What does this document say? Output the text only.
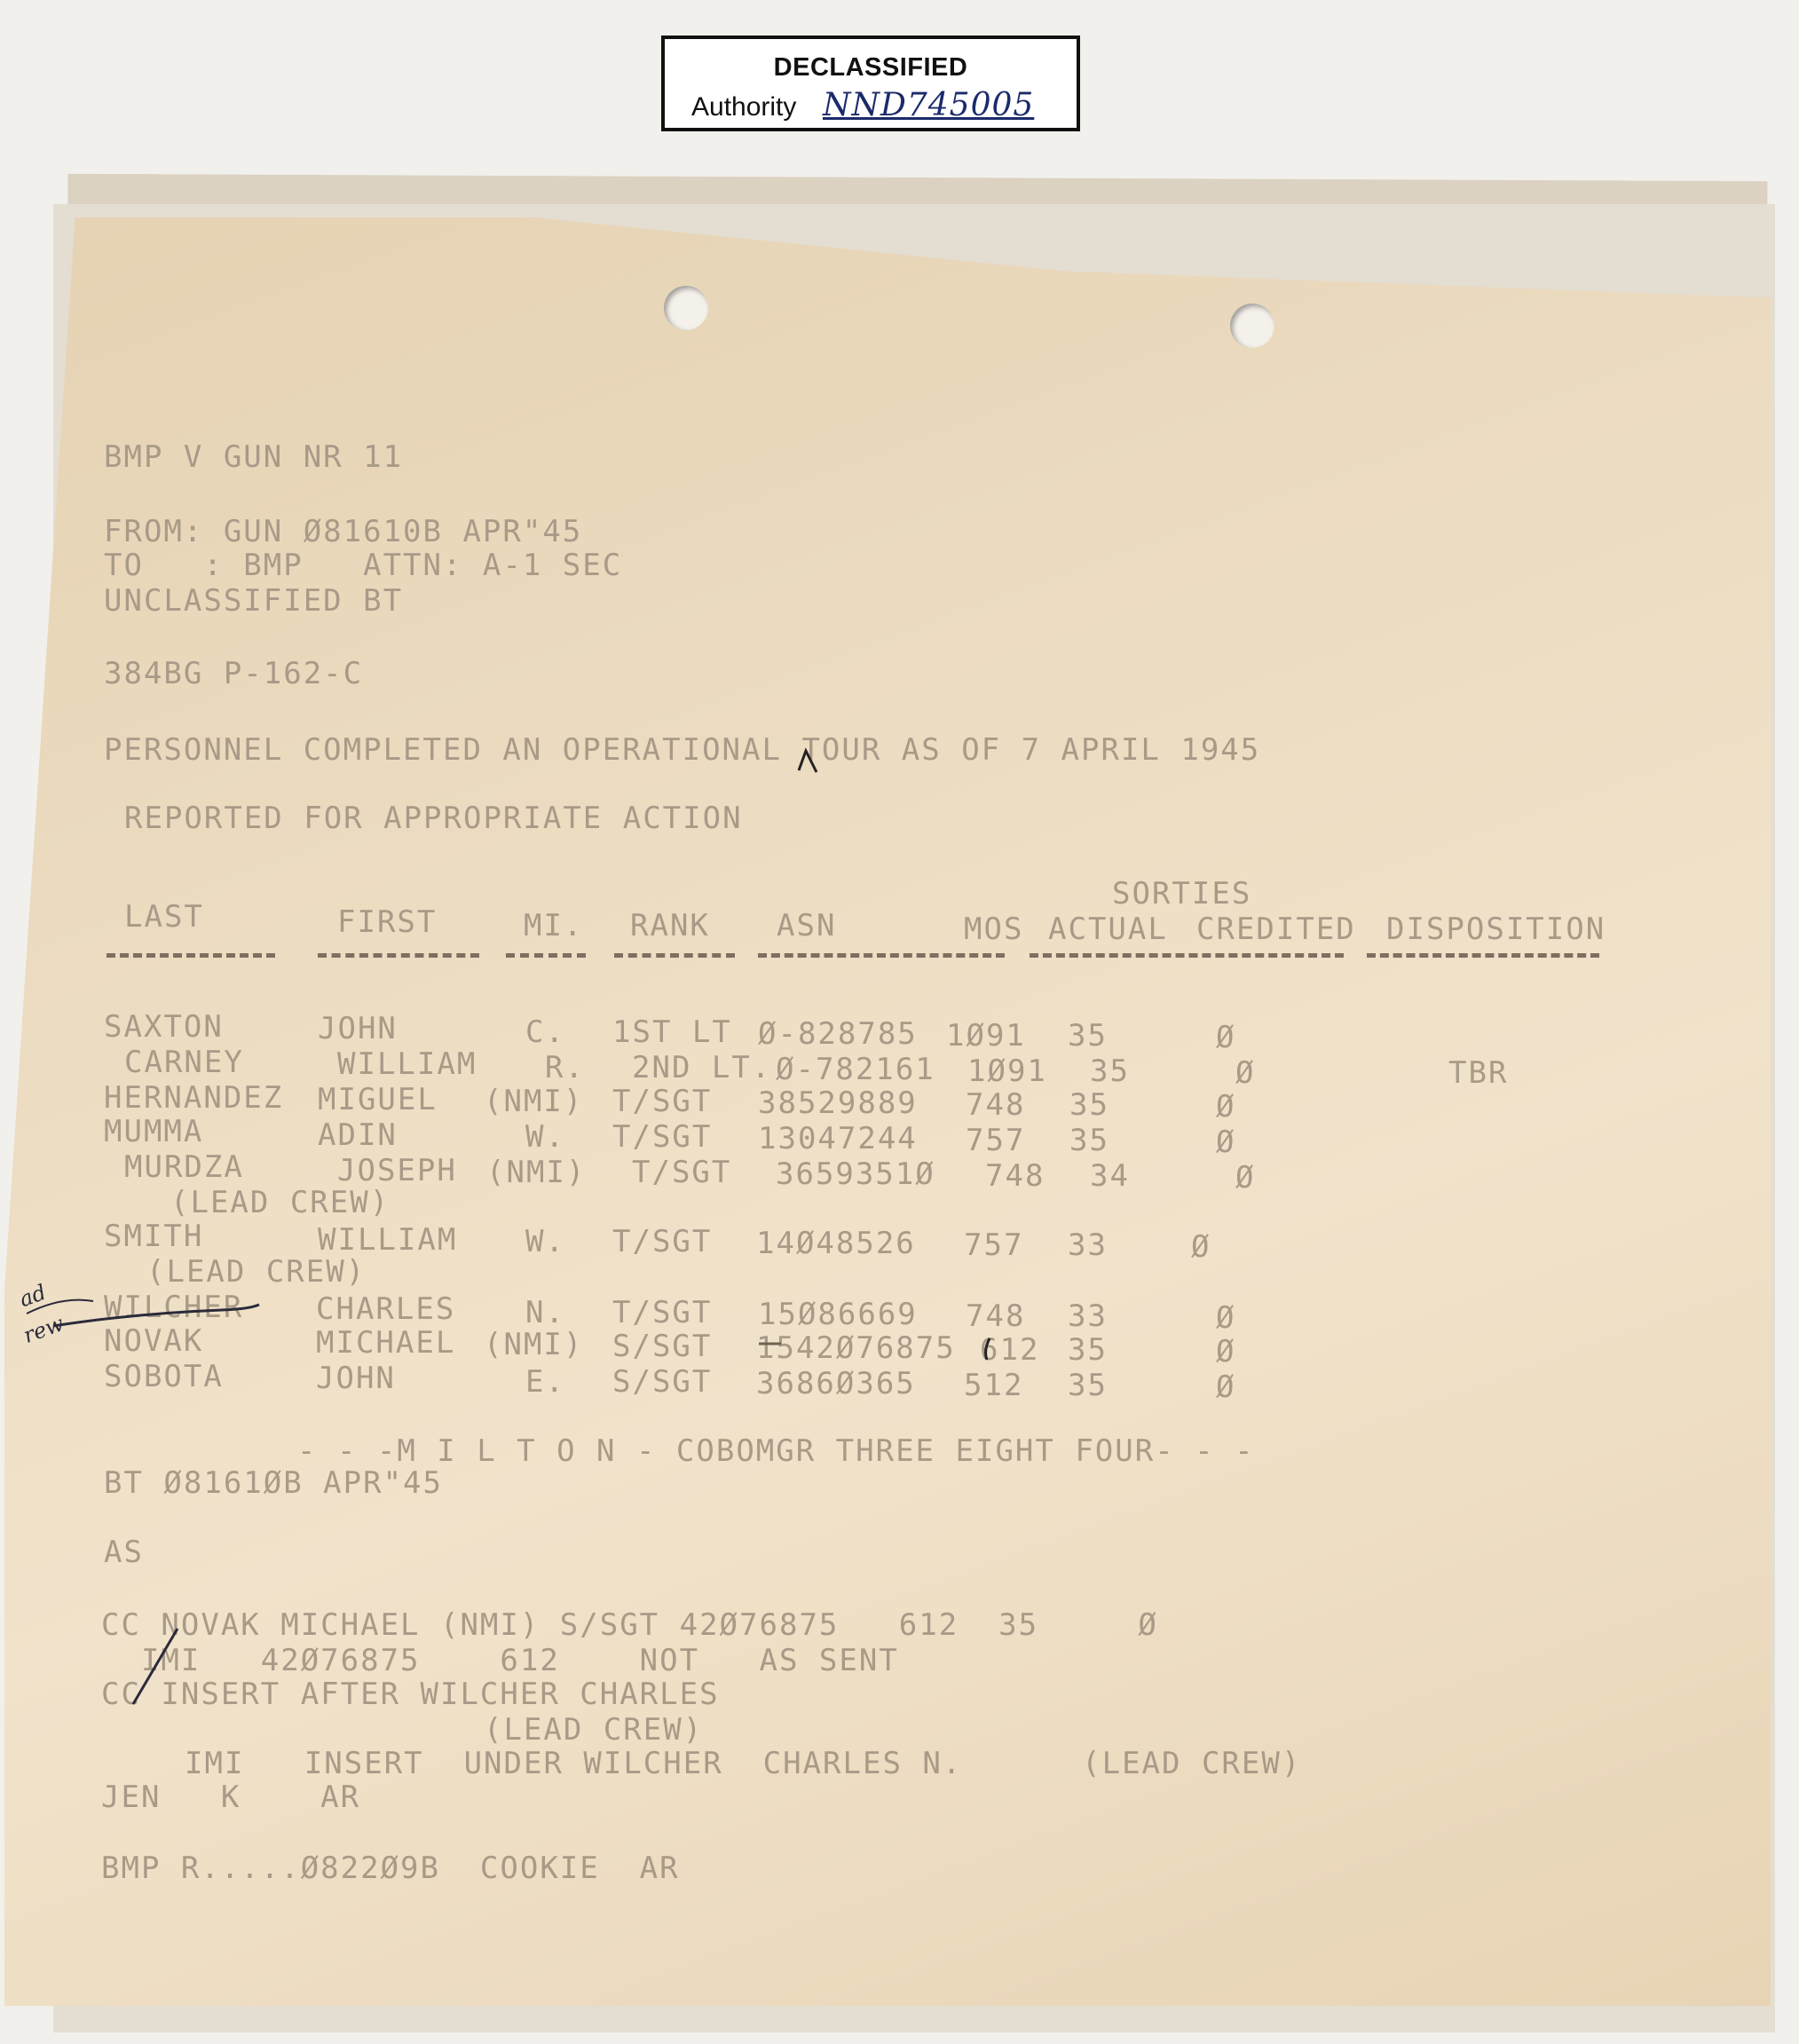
DECLASSIFIED
Authority NND745005
BMP V GUN NR 11
FROM: GUN Ø81610B APR"45
TO   : BMP   ATTN: A-1 SEC
UNCLASSIFIED BT
384BG P-162-C
PERSONNEL COMPLETED AN OPERATIONAL TOUR AS OF 7 APRIL 1945
REPORTED FOR APPROPRIATE ACTION
SORTIES
LAST	FIRST	MI. RANK ASN	MOS ACTUAL CREDITED DISPOSITION
SAXTON	JOHN	C. 1ST LT Ø-828785 1Ø91 35	Ø
CARNEY	WILLIAM R. 2ND LT. Ø-782161 1Ø91 35	Ø	TBR
HERNANDEZ MIGUEL (NMI) T/SGT 38529889 748 35	Ø
MUMMA	ADIN	W. T/SGT 13047244 757 35	Ø
MURDZA	JOSEPH (NMI) T/SGT 3659351Ø 748 34	Ø
(LEAD CREW)
SMITH	WILLIAM W. T/SGT 14Ø48526 757 33	Ø
(LEAD CREW)
WILCHER CHARLES N. T/SGT 15Ø86669 748 33	Ø
NOVAK	MICHAEL (NMI) S/SGT 1542Ø76875 612 35	Ø
SOBOTA	JOHN	E. S/SGT 3686Ø365 512 35	Ø
- - -M I L T O N - COBOMGR THREE EIGHT FOUR- - -
BT Ø8161ØB APR"45
AS
CC NOVAK MICHAEL (NMI) S/SGT 42Ø76875   612  35     Ø
IMI   42Ø76875    612    NOT   AS SENT
CC INSERT AFTER WILCHER CHARLES
(LEAD CREW)
IMI   INSERT  UNDER WILCHER  CHARLES N.      (LEAD CREW)
JEN   K    AR
BMP R.....Ø822Ø9B  COOKIE  AR
ad
rew
